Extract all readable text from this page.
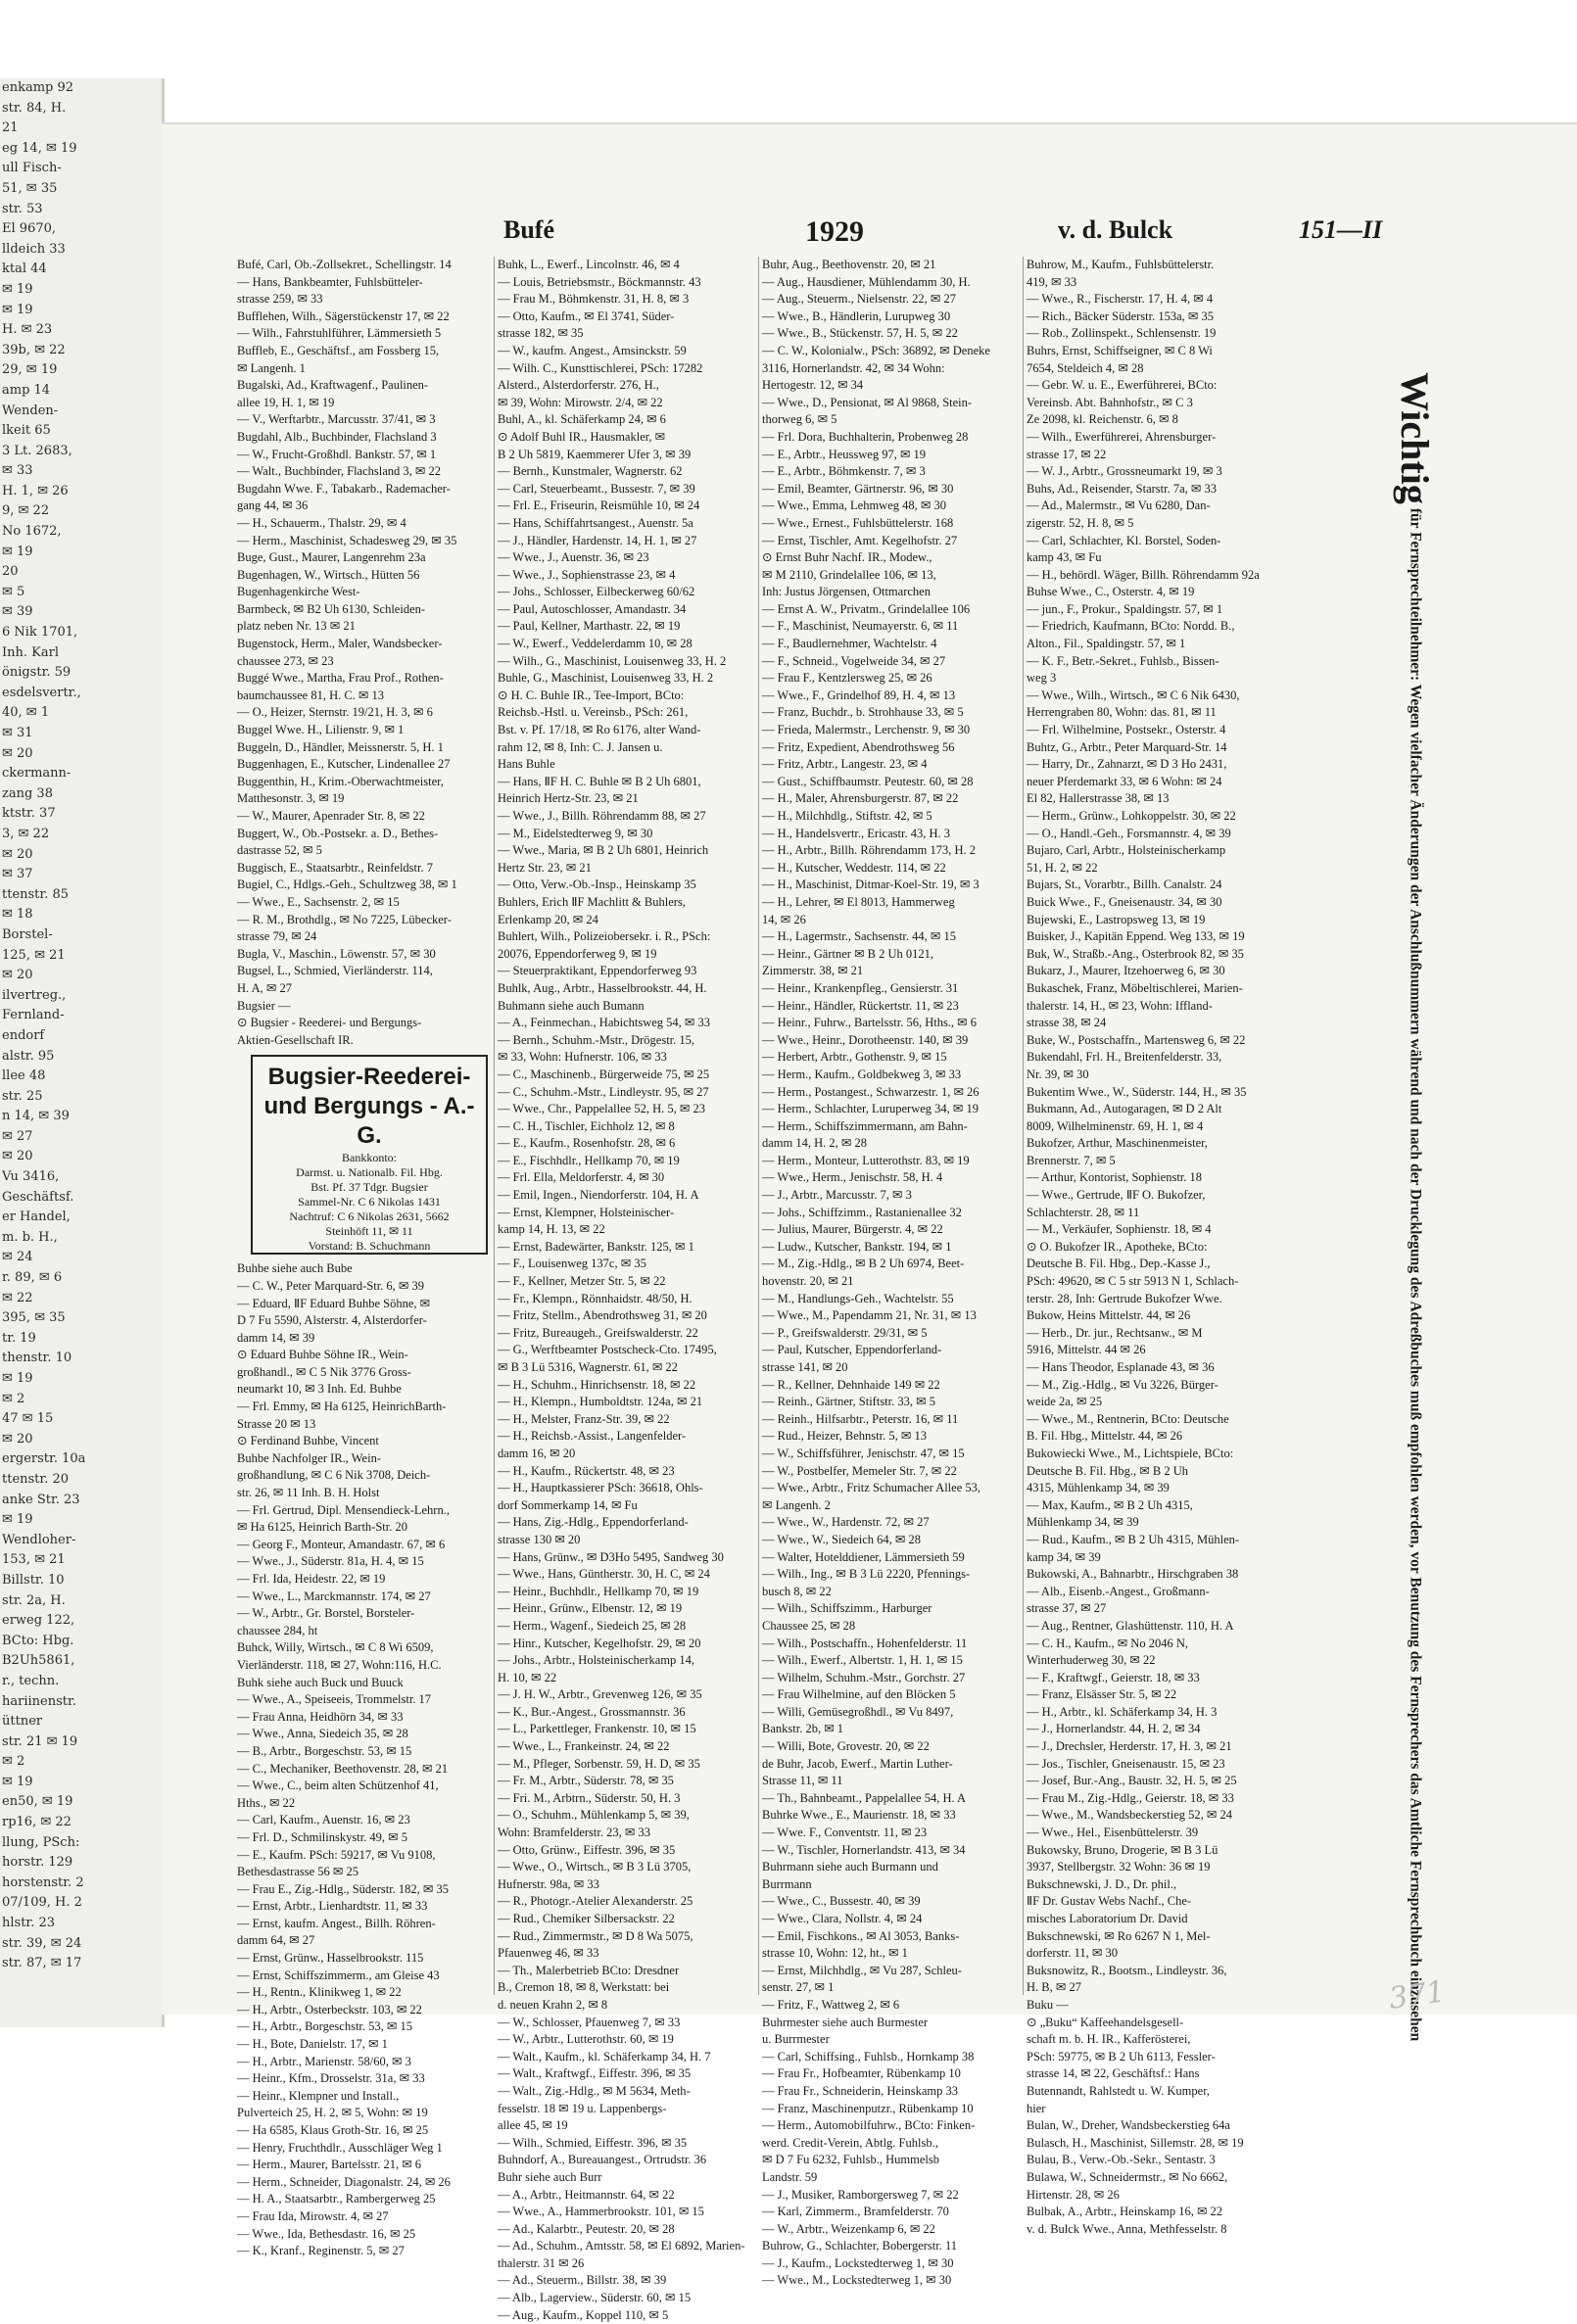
enkamp 92
str. 84, H.
21
eg 14, ✉ 19
ull Fisch-
51, ✉ 35
str. 53
El 9670,
lldeich 33
ktal 44
✉ 19
✉ 19
H. ✉ 23
39b, ✉ 22
29, ✉ 19
amp 14
Wenden-
lkeit 65
3 Lt. 2683,
✉ 33
H. 1, ✉ 26
9, ✉ 22
No 1672,
✉ 19
20
✉ 5
✉ 39
6 Nik 1701,
Inh. Karl
önigstr. 59
esdelsvertr.,
40, ✉ 1
✉ 31
✉ 20
ckermann-
zang 38
ktstr. 37
3, ✉ 22
✉ 20
✉ 37
ttenstr. 85
✉ 18
Borstel-
125, ✉ 21
✉ 20
ilvertreg.,
Fernland-
endorf
alstr. 95
llee 48
str. 25
n 14, ✉ 39
✉ 27
✉ 20
Vu 3416,
Geschäftsf.
er Handel,
m. b. H.,
✉ 24
r. 89, ✉ 6
✉ 22
395, ✉ 35
tr. 19
thenstr. 10
✉ 19
✉ 2
47 ✉ 15
✉ 20
ergerstr. 10a
ttenstr. 20
anke Str. 23
✉ 19
Wendloher-
153, ✉ 21
Billstr. 10
str. 2a, H.
erweg 122,
BCto: Hbg.
B2Uh5861,
r., techn.
hariinenstr.
üttner
str. 21 ✉ 19
✉ 2
✉ 19
en50, ✉ 19
rp16, ✉ 22
llung, PSch:
horstr. 129
horstenstr. 2
07/109, H. 2
hlstr. 23
str. 39, ✉ 24
str. 87, ✉ 17
Bufé	1929	v. d. Bulck	151—II
Bufé, Carl, Ob.-Zollsekret., Schellingstr. 14
— Hans, Bankbeamter, Fuhlsbütteler-
strasse 259, ✉ 33
Bufflehen, Wilh., Sägerstückenstr 17, ✉ 22
— Wilh., Fahrstuhlführer, Lämmersieth 5
Buffleb, E., Geschäftsf., am Fossberg 15,
✉ Langenh. 1
Bugalski, Ad., Kraftwagenf., Paulinen-
allee 19, H. 1, ✉ 19
— V., Werftarbtr., Marcusstr. 37/41, ✉ 3
Bugdahl, Alb., Buchbinder, Flachsland 3
— W., Frucht-Großhdl. Bankstr. 57, ✉ 1
— Walt., Buchbinder, Flachsland 3, ✉ 22
Bugdahn Wwe. F., Tabakarb., Rademacher-
gang 44, ✉ 36
— H., Schauerm., Thalstr. 29, ✉ 4
— Herm., Maschinist, Schadesweg 29, ✉ 35
Buge, Gust., Maurer, Langenrehm 23a
Bugenhagen, W., Wirtsch., Hütten 56
Bugenhagenkirche West-
Barmbeck, ✉ B2 Uh 6130, Schleiden-
platz neben Nr. 13 ✉ 21
Bugenstock, Herm., Maler, Wandsbecker-
chaussee 273, ✉ 23
Buggé Wwe., Martha, Frau Prof., Rothen-
baumchaussee 81, H. C. ✉ 13
— O., Heizer, Sternstr. 19/21, H. 3, ✉ 6
Buggel Wwe. H., Lilienstr. 9, ✉ 1
Buggeln, D., Händler, Meissnerstr. 5, H. 1
Buggenhagen, E., Kutscher, Lindenallee 27
Buggenthin, H., Krim.-Oberwachtmeister,
Matthesonstr. 3, ✉ 19
— W., Maurer, Apenrader Str. 8, ✉ 22
Buggert, W., Ob.-Postsekr. a. D., Bethes-
dastrasse 52, ✉ 5
Buggisch, E., Staatsarbtr., Reinfeldstr. 7
Bugiel, C., Hdlgs.-Geh., Schultzweg 38, ✉ 1
— Wwe., E., Sachsenstr. 2, ✉ 15
— R. M., Brothdlg., ✉ No 7225, Lübecker-
strasse 79, ✉ 24
Bugla, V., Maschin., Löwenstr. 57, ✉ 30
Bugsel, L., Schmied, Vierländerstr. 114,
H. A, ✉ 27
Bugsier —
⊙ Bugsier - Reederei- und Bergungs-
Aktien-Gesellschaft IR.
Bugsier-Reederei-
und Bergungs - A.-G.
Bankkonto:
Darmst. u. Nationalb. Fil. Hbg.
Bst. Pf. 37 Tdgr. Bugsier
Sammel-Nr. C 6 Nikolas 1431
Nachtruf: C 6 Nikolas 2631, 5662
Steinhöft 11, ✉ 11
Vorstand: B. Schuchmann
Buhbe siehe auch Bube
— C. W., Peter Marquard-Str. 6, ✉ 39
— Eduard, ⅡF Eduard Buhbe Söhne, ✉
D 7 Fu 5590, Alsterstr. 4, Alsterdorfer-
damm 14, ✉ 39
⊙ Eduard Buhbe Söhne IR., Wein-
großhandl., ✉ C 5 Nik 3776 Gross-
neumarkt 10, ✉ 3 Inh. Ed. Buhbe
— Frl. Emmy, ✉ Ha 6125, HeinrichBarth-
Strasse 20 ✉ 13
⊙ Ferdinand Buhbe, Vincent
Buhbe Nachfolger IR., Wein-
großhandlung, ✉ C 6 Nik 3708, Deich-
str. 26, ✉ 11 Inh. B. H. Holst
— Frl. Gertrud, Dipl. Mensendieck-Lehrn.,
✉ Ha 6125, Heinrich Barth-Str. 20
— Georg F., Monteur, Amandastr. 67, ✉ 6
— Wwe., J., Süderstr. 81a, H. 4, ✉ 15
— Frl. Ida, Heidestr. 22, ✉ 19
— Wwe., L., Marckmannstr. 174, ✉ 27
— W., Arbtr., Gr. Borstel, Borsteler-
chaussee 284, ht
Buhck, Willy, Wirtsch., ✉ C 8 Wi 6509,
Vierländerstr. 118, ✉ 27, Wohn:116, H.C.
Buhk siehe auch Buck und Buuck
— Wwe., A., Speiseeis, Trommelstr. 17
— Frau Anna, Heidhörn 34, ✉ 33
— Wwe., Anna, Siedeich 35, ✉ 28
— B., Arbtr., Borgeschstr. 53, ✉ 15
— C., Mechaniker, Beethovenstr. 28, ✉ 21
— Wwe., C., beim alten Schützenhof 41,
Hths., ✉ 22
— Carl, Kaufm., Auenstr. 16, ✉ 23
— Frl. D., Schmilinskystr. 49, ✉ 5
— E., Kaufm. PSch: 59217, ✉ Vu 9108,
Bethesdastrasse 56 ✉ 25
— Frau E., Zig.-Hdlg., Süderstr. 182, ✉ 35
— Ernst, Arbtr., Lienhardtstr. 11, ✉ 33
— Ernst, kaufm. Angest., Billh. Röhren-
damm 64, ✉ 27
— Ernst, Grünw., Hasselbrookstr. 115
— Ernst, Schiffszimmerm., am Gleise 43
— H., Rentn., Klinikweg 1, ✉ 22
— H., Arbtr., Osterbeckstr. 103, ✉ 22
— H., Arbtr., Borgeschstr. 53, ✉ 15
— H., Bote, Danielstr. 17, ✉ 1
— H., Arbtr., Marienstr. 58/60, ✉ 3
— Heinr., Kfm., Drosselstr. 31a, ✉ 33
— Heinr., Klempner und Install.,
Pulverteich 25, H. 2, ✉ 5, Wohn: ✉ 19
— Ha 6585, Klaus Groth-Str. 16, ✉ 25
— Henry, Fruchthdlr., Ausschläger Weg 1
— Herm., Maurer, Bartelsstr. 21, ✉ 6
— Herm., Schneider, Diagonalstr. 24, ✉ 26
— H. A., Staatsarbtr., Rambergerweg 25
— Frau Ida, Mirowstr. 4, ✉ 27
— Wwe., Ida, Bethesdastr. 16, ✉ 25
— K., Kranf., Reginenstr. 5, ✉ 27
Buhk, L., Ewerf., Lincolnstr. 46, ✉ 4
— Louis, Betriebsmstr., Böckmannstr. 43
— Frau M., Böhmkenstr. 31, H. 8, ✉ 3
— Otto, Kaufm., ✉ El 3741, Süder-
strasse 182, ✉ 35
— W., kaufm. Angest., Amsinckstr. 59
— Wilh. C., Kunsttischlerei, PSch: 17282
Alsterd., Alsterdorferstr. 276, H.,
✉ 39, Wohn: Mirowstr. 2/4, ✉ 22
Buhl, A., kl. Schäferkamp 24, ✉ 6
⊙ Adolf Buhl IR., Hausmakler, ✉
B 2 Uh 5819, Kaemmerer Ufer 3, ✉ 39
— Bernh., Kunstmaler, Wagnerstr. 62
— Carl, Steuerbeamt., Bussestr. 7, ✉ 39
— Frl. E., Friseurin, Reismühle 10, ✉ 24
— Hans, Schiffahrtsangest., Auenstr. 5a
— J., Händler, Hardenstr. 14, H. 1, ✉ 27
— Wwe., J., Auenstr. 36, ✉ 23
— Wwe., J., Sophienstrasse 23, ✉ 4
— Johs., Schlosser, Eilbeckerweg 60/62
— Paul, Autoschlosser, Amandastr. 34
— Paul, Kellner, Marthastr. 22, ✉ 19
— W., Ewerf., Veddelerdamm 10, ✉ 28
— Wilh., G., Maschinist, Louisenweg 33, H. 2
Buhle, G., Maschinist, Louisenweg 33, H. 2
⊙ H. C. Buhle IR., Tee-Import, BCto:
Reichsb.-Hstl. u. Vereinsb., PSch: 261,
Bst. v. Pf. 17/18, ✉ Ro 6176, alter Wand-
rahm 12, ✉ 8, Inh: C. J. Jansen u.
Hans Buhle
— Hans, ⅡF H. C. Buhle ✉ B 2 Uh 6801,
Heinrich Hertz-Str. 23, ✉ 21
— Wwe., J., Billh. Röhrendamm 88, ✉ 27
— M., Eidelstedterweg 9, ✉ 30
— Wwe., Maria, ✉ B 2 Uh 6801, Heinrich
Hertz Str. 23, ✉ 21
— Otto, Verw.-Ob.-Insp., Heinskamp 35
Buhlers, Erich ⅡF Machlitt & Buhlers,
Erlenkamp 20, ✉ 24
Buhlert, Wilh., Polizeiobersekr. i. R., PSch:
20076, Eppendorferweg 9, ✉ 19
— Steuerpraktikant, Eppendorferweg 93
Buhlk, Aug., Arbtr., Hasselbrookstr. 44, H.
Buhmann siehe auch Bumann
— A., Feinmechan., Habichtsweg 54, ✉ 33
— Bernh., Schuhm.-Mstr., Drögestr. 15,
✉ 33, Wohn: Hufnerstr. 106, ✉ 33
— C., Maschinenb., Bürgerweide 75, ✉ 25
— C., Schuhm.-Mstr., Lindleystr. 95, ✉ 27
— Wwe., Chr., Pappelallee 52, H. 5, ✉ 23
— C. H., Tischler, Eichholz 12, ✉ 8
— E., Kaufm., Rosenhofstr. 28, ✉ 6
— E., Fischhdlr., Hellkamp 70, ✉ 19
— Frl. Ella, Meldorferstr. 4, ✉ 30
— Emil, Ingen., Niendorferstr. 104, H. A
— Ernst, Klempner, Holsteinischer-
kamp 14, H. 13, ✉ 22
— Ernst, Badewärter, Bankstr. 125, ✉ 1
— F., Louisenweg 137c, ✉ 35
— F., Kellner, Metzer Str. 5, ✉ 22
— Fr., Klempn., Rönnhaidstr. 48/50, H.
— Fritz, Stellm., Abendrothsweg 31, ✉ 20
— Fritz, Bureaugeh., Greifswalderstr. 22
— G., Werftbeamter Postscheck-Cto. 17495,
✉ B 3 Lü 5316, Wagnerstr. 61, ✉ 22
— H., Schuhm., Hinrichsenstr. 18, ✉ 22
— H., Klempn., Humboldtstr. 124a, ✉ 21
— H., Melster, Franz-Str. 39, ✉ 22
— H., Reichsb.-Assist., Langenfelder-
damm 16, ✉ 20
— H., Kaufm., Rückertstr. 48, ✉ 23
— H., Hauptkassierer PSch: 36618, Ohls-
dorf Sommerkamp 14, ✉ Fu
— Hans, Zig.-Hdlg., Eppendorferland-
strasse 130 ✉ 20
— Hans, Grünw., ✉ D3Ho 5495, Sandweg 30
— Wwe., Hans, Güntherstr. 30, H. C, ✉ 24
— Heinr., Buchhdlr., Hellkamp 70, ✉ 19
— Heinr., Grünw., Elbenstr. 12, ✉ 19
— Herm., Wagenf., Siedeich 25, ✉ 28
— Hinr., Kutscher, Kegelhofstr. 29, ✉ 20
— Johs., Arbtr., Holsteinischerkamp 14,
H. 10, ✉ 22
— J. H. W., Arbtr., Grevenweg 126, ✉ 35
— K., Bur.-Angest., Grossmannstr. 36
— L., Parkettleger, Frankenstr. 10, ✉ 15
— Wwe., L., Frankeinstr. 24, ✉ 22
— M., Pfleger, Sorbenstr. 59, H. D, ✉ 35
— Fr. M., Arbtr., Süderstr. 78, ✉ 35
— Fri. M., Arbtrn., Süderstr. 50, H. 3
— O., Schuhm., Mühlenkamp 5, ✉ 39,
Wohn: Bramfelderstr. 23, ✉ 33
— Otto, Grünw., Eiffestr. 396, ✉ 35
— Wwe., O., Wirtsch., ✉ B 3 Lü 3705,
Hufnerstr. 98a, ✉ 33
— R., Photogr.-Atelier Alexanderstr. 25
— Rud., Chemiker Silbersackstr. 22
— Rud., Zimmermstr., ✉ D 8 Wa 5075,
Pfauenweg 46, ✉ 33
— Th., Malerbetrieb BCto: Dresdner
B., Cremon 18, ✉ 8, Werkstatt: bei
d. neuen Krahn 2, ✉ 8
— W., Schlosser, Pfauenweg 7, ✉ 33
— W., Arbtr., Lutterothstr. 60, ✉ 19
— Walt., Kaufm., kl. Schäferkamp 34, H. 7
— Walt., Kraftwgf., Eiffestr. 396, ✉ 35
— Walt., Zig.-Hdlg., ✉ M 5634, Meth-
fesselstr. 18 ✉ 19 u. Lappenbergs-
allee 45, ✉ 19
— Wilh., Schmied, Eiffestr. 396, ✉ 35
Buhndorf, A., Bureauangest., Ortrudstr. 36
Buhr siehe auch Burr
— A., Arbtr., Heitmannstr. 64, ✉ 22
— Wwe., A., Hammerbrookstr. 101, ✉ 15
— Ad., Kalarbtr., Peutestr. 20, ✉ 28
— Ad., Schuhm., Amtsstr. 58, ✉ El 6892, Marien-
thalerstr. 31 ✉ 26
— Ad., Steuerm., Billstr. 38, ✉ 39
— Alb., Lagerview., Süderstr. 60, ✉ 15
— Aug., Kaufm., Koppel 110, ✉ 5
Buhr, Aug., Beethovenstr. 20, ✉ 21
— Aug., Hausdiener, Mühlendamm 30, H.
— Aug., Steuerm., Nielsenstr. 22, ✉ 27
— Wwe., B., Händlerin, Lurupweg 30
— Wwe., B., Stückenstr. 57, H. 5, ✉ 22
— C. W., Kolonialw., PSch: 36892, ✉ Deneke
3116, Hornerlandstr. 42, ✉ 34 Wohn:
Hertogestr. 12, ✉ 34
— Wwe., D., Pensionat, ✉ Al 9868, Stein-
thorweg 6, ✉ 5
— Frl. Dora, Buchhalterin, Probenweg 28
— E., Arbtr., Heussweg 97, ✉ 19
— E., Arbtr., Böhmkenstr. 7, ✉ 3
— Emil, Beamter, Gärtnerstr. 96, ✉ 30
— Wwe., Emma, Lehmweg 48, ✉ 30
— Wwe., Ernest., Fuhlsbüttelerstr. 168
— Ernst, Tischler, Amt. Kegelhofstr. 27
⊙ Ernst Buhr Nachf. IR., Modew.,
✉ M 2110, Grindelallee 106, ✉ 13,
Inh: Justus Jörgensen, Ottmarchen
— Ernst A. W., Privatm., Grindelallee 106
— F., Maschinist, Neumayerstr. 6, ✉ 11
— F., Baudlernehmer, Wachtelstr. 4
— F., Schneid., Vogelweide 34, ✉ 27
— Frau F., Kentzlersweg 25, ✉ 26
— Wwe., F., Grindelhof 89, H. 4, ✉ 13
— Franz, Buchdr., b. Strohhause 33, ✉ 5
— Frieda, Malermstr., Lerchenstr. 9, ✉ 30
— Fritz, Expedient, Abendrothsweg 56
— Fritz, Arbtr., Langestr. 23, ✉ 4
— Gust., Schiffbaumstr. Peutestr. 60, ✉ 28
— H., Maler, Ahrensburgerstr. 87, ✉ 22
— H., Milchhdlg., Stiftstr. 42, ✉ 5
— H., Handelsvertr., Ericastr. 43, H. 3
— H., Arbtr., Billh. Röhrendamm 173, H. 2
— H., Kutscher, Weddestr. 114, ✉ 22
— H., Maschinist, Ditmar-Koel-Str. 19, ✉ 3
— H., Lehrer, ✉ El 8013, Hammerweg
14, ✉ 26
— H., Lagermstr., Sachsenstr. 44, ✉ 15
— Heinr., Gärtner ✉ B 2 Uh 0121,
Zimmerstr. 38, ✉ 21
— Heinr., Krankenpfleg., Gensierstr. 31
— Heinr., Händler, Rückertstr. 11, ✉ 23
— Heinr., Fuhrw., Bartelsstr. 56, Hths., ✉ 6
— Wwe., Heinr., Dorotheenstr. 140, ✉ 39
— Herbert, Arbtr., Gothenstr. 9, ✉ 15
— Herm., Kaufm., Goldbekweg 3, ✉ 33
— Herm., Postangest., Schwarzestr. 1, ✉ 26
— Herm., Schlachter, Luruperweg 34, ✉ 19
— Herm., Schiffszimmermann, am Bahn-
damm 14, H. 2, ✉ 28
— Herm., Monteur, Lutterothstr. 83, ✉ 19
— Wwe., Herm., Jenischstr. 58, H. 4
— J., Arbtr., Marcusstr. 7, ✉ 3
— Johs., Schiffzimm., Rastanienallee 32
— Julius, Maurer, Bürgerstr. 4, ✉ 22
— Ludw., Kutscher, Bankstr. 194, ✉ 1
— M., Zig.-Hdlg., ✉ B 2 Uh 6974, Beet-
hovenstr. 20, ✉ 21
— M., Handlungs-Geh., Wachtelstr. 55
— Wwe., M., Papendamm 21, Nr. 31, ✉ 13
— P., Greifswalderstr. 29/31, ✉ 5
— Paul, Kutscher, Eppendorferland-
strasse 141, ✉ 20
— R., Kellner, Dehnhaide 149 ✉ 22
— Reinh., Gärtner, Stiftstr. 33, ✉ 5
— Reinh., Hilfsarbtr., Peterstr. 16, ✉ 11
— Rud., Heizer, Behnstr. 5, ✉ 13
— W., Schiffsführer, Jenischstr. 47, ✉ 15
— W., Postbelfer, Memeler Str. 7, ✉ 22
— Wwe., Arbtr., Fritz Schumacher Allee 53,
✉ Langenh. 2
— Wwe., W., Hardenstr. 72, ✉ 27
— Wwe., W., Siedeich 64, ✉ 28
— Walter, Hotelddiener, Lämmersieth 59
— Wilh., Ing., ✉ B 3 Lü 2220, Pfennings-
busch 8, ✉ 22
— Wilh., Schiffszimm., Harburger
Chaussee 25, ✉ 28
— Wilh., Postschaffn., Hohenfelderstr. 11
— Wilh., Ewerf., Albertstr. 1, H. 1, ✉ 15
— Wilhelm, Schuhm.-Mstr., Gorchstr. 27
— Frau Wilhelmine, auf den Blöcken 5
— Willi, Gemüsegroßhdl., ✉ Vu 8497,
Bankstr. 2b, ✉ 1
— Willi, Bote, Grovestr. 20, ✉ 22
de Buhr, Jacob, Ewerf., Martin Luther-
Strasse 11, ✉ 11
— Th., Bahnbeamt., Pappelallee 54, H. A
Buhrke Wwe., E., Maurienstr. 18, ✉ 33
— Wwe. F., Conventstr. 11, ✉ 23
— W., Tischler, Hornerlandstr. 413, ✉ 34
Buhrmann siehe auch Burmann und
Burrmann
— Wwe., C., Bussestr. 40, ✉ 39
— Wwe., Clara, Nollstr. 4, ✉ 24
— Emil, Fischkons., ✉ Al 3053, Banks-
strasse 10, Wohn: 12, ht., ✉ 1
— Ernst, Milchhdlg., ✉ Vu 287, Schleu-
senstr. 27, ✉ 1
— Fritz, F., Wattweg 2, ✉ 6
Buhrmester siehe auch Burmester
u. Burrmester
— Carl, Schiffsing., Fuhlsb., Hornkamp 38
— Frau Fr., Hofbeamter, Rübenkamp 10
— Frau Fr., Schneiderin, Heinskamp 33
— Franz, Maschinenputzr., Rübenkamp 10
— Herm., Automobilfuhrw., BCto: Finken-
werd. Credit-Verein, Abtlg. Fuhlsb.,
✉ D 7 Fu 6232, Fuhlsb., Hummelsb
Landstr. 59
— J., Musiker, Ramborgersweg 7, ✉ 22
— Karl, Zimmerm., Bramfelderstr. 70
— W., Arbtr., Weizenkamp 6, ✉ 22
Buhrow, G., Schlachter, Bobergerstr. 11
— J., Kaufm., Lockstedterweg 1, ✉ 30
— Wwe., M., Lockstedterweg 1, ✉ 30
Buhrow, M., Kaufm., Fuhlsbüttelerstr.
419, ✉ 33
— Wwe., R., Fischerstr. 17, H. 4, ✉ 4
— Rich., Bäcker Süderstr. 153a, ✉ 35
— Rob., Zollinspekt., Schlensenstr. 19
Buhrs, Ernst, Schiffseigner, ✉ C 8 Wi
7654, Steldeich 4, ✉ 28
— Gebr. W. u. E., Ewerführerei, BCto:
Vereinsb. Abt. Bahnhofstr., ✉ C 3
Ze 2098, kl. Reichenstr. 6, ✉ 8
— Wilh., Ewerführerei, Ahrensburger-
strasse 17, ✉ 22
— W. J., Arbtr., Grossneumarkt 19, ✉ 3
Buhs, Ad., Reisender, Starstr. 7a, ✉ 33
— Ad., Malermstr., ✉ Vu 6280, Dan-
zigerstr. 52, H. 8, ✉ 5
— Carl, Schlachter, Kl. Borstel, Soden-
kamp 43, ✉ Fu
— H., behördl. Wäger, Billh. Röhrendamm 92a
Buhse Wwe., C., Osterstr. 4, ✉ 19
— jun., F., Prokur., Spaldingstr. 57, ✉ 1
— Friedrich, Kaufmann, BCto: Nordd. B.,
Alton., Fil., Spaldingstr. 57, ✉ 1
— K. F., Betr.-Sekret., Fuhlsb., Bissen-
weg 3
— Wwe., Wilh., Wirtsch., ✉ C 6 Nik 6430,
Herrengraben 80, Wohn: das. 81, ✉ 11
— Frl. Wilhelmine, Postsekr., Osterstr. 4
Buhtz, G., Arbtr., Peter Marquard-Str. 14
— Harry, Dr., Zahnarzt, ✉ D 3 Ho 2431,
neuer Pferdemarkt 33, ✉ 6 Wohn: ✉ 24
El 82, Hallerstrasse 38, ✉ 13
— Herm., Grünw., Lohkoppelstr. 30, ✉ 22
— O., Handl.-Geh., Forsmannstr. 4, ✉ 39
Bujaro, Carl, Arbtr., Holsteinischerkamp
51, H. 2, ✉ 22
Bujars, St., Vorarbtr., Billh. Canalstr. 24
Buick Wwe., F., Gneisenaustr. 34, ✉ 30
Bujewski, E., Lastropsweg 13, ✉ 19
Buisker, J., Kapitän Eppend. Weg 133, ✉ 19
Buk, W., Straßb.-Ang., Osterbrook 82, ✉ 35
Bukarz, J., Maurer, Itzehoerweg 6, ✉ 30
Bukaschek, Franz, Möbeltischlerei, Marien-
thalerstr. 14, H., ✉ 23, Wohn: Iffland-
strasse 38, ✉ 24
Buke, W., Postschaffn., Martensweg 6, ✉ 22
Bukendahl, Frl. H., Breitenfelderstr. 33,
Nr. 39, ✉ 30
Bukentim Wwe., W., Süderstr. 144, H., ✉ 35
Bukmann, Ad., Autogaragen, ✉ D 2 Alt
8009, Wilhelminenstr. 69, H. 1, ✉ 4
Bukofzer, Arthur, Maschinenmeister,
Brennerstr. 7, ✉ 5
— Arthur, Kontorist, Sophienstr. 18
— Wwe., Gertrude, ⅡF O. Bukofzer,
Schlachterstr. 28, ✉ 11
— M., Verkäufer, Sophienstr. 18, ✉ 4
⊙ O. Bukofzer IR., Apotheke, BCto:
Deutsche B. Fil. Hbg., Dep.-Kasse J.,
PSch: 49620, ✉ C 5 str 5913 N 1, Schlach-
terstr. 28, Inh: Gertrude Bukofzer Wwe.
Bukow, Heins Mittelstr. 44, ✉ 26
— Herb., Dr. jur., Rechtsanw., ✉ M
5916, Mittelstr. 44 ✉ 26
— Hans Theodor, Esplanade 43, ✉ 36
— M., Zig.-Hdlg., ✉ Vu 3226, Bürger-
weide 2a, ✉ 25
— Wwe., M., Rentnerin, BCto: Deutsche
B. Fil. Hbg., Mittelstr. 44, ✉ 26
Bukowiecki Wwe., M., Lichtspiele, BCto:
Deutsche B. Fil. Hbg., ✉ B 2 Uh
4315, Mühlenkamp 34, ✉ 39
— Max, Kaufm., ✉ B 2 Uh 4315,
Mühlenkamp 34, ✉ 39
— Rud., Kaufm., ✉ B 2 Uh 4315, Mühlen-
kamp 34, ✉ 39
Bukowski, A., Bahnarbtr., Hirschgraben 38
— Alb., Eisenb.-Angest., Großmann-
strasse 37, ✉ 27
— Aug., Rentner, Glashüttenstr. 110, H. A
— C. H., Kaufm., ✉ No 2046 N,
Winterhuderweg 30, ✉ 22
— F., Kraftwgf., Geierstr. 18, ✉ 33
— Franz, Elsässer Str. 5, ✉ 22
— H., Arbtr., kl. Schäferkamp 34, H. 3
— J., Hornerlandstr. 44, H. 2, ✉ 34
— J., Drechsler, Herderstr. 17, H. 3, ✉ 21
— Jos., Tischler, Gneisenaustr. 15, ✉ 23
— Josef, Bur.-Ang., Baustr. 32, H. 5, ✉ 25
— Frau M., Zig.-Hdlg., Geierstr. 18, ✉ 33
— Wwe., M., Wandsbeckerstieg 52, ✉ 24
— Wwe., Hel., Eisenbüttelerstr. 39
Bukowsky, Bruno, Drogerie, ✉ B 3 Lü
3937, Stellbergstr. 32 Wohn: 36 ✉ 19
Bukschnewski, J. D., Dr. phil.,
ⅡF Dr. Gustav Webs Nachf., Che-
misches Laboratorium Dr. David
Bukschnewski, ✉ Ro 6267 N 1, Mel-
dorferstr. 11, ✉ 30
Buksnowitz, R., Bootsm., Lindleystr. 36,
H. B, ✉ 27
Buku —
⊙ „Buku“ Kaffeehandelsgesell-
schaft m. b. H. IR., Kafferösterei,
PSch: 59775, ✉ B 2 Uh 6113, Fessler-
strasse 14, ✉ 22, Geschäftsf.: Hans
Butennandt, Rahlstedt u. W. Kumper,
hier
Bulan, W., Dreher, Wandsbeckerstieg 64a
Bulasch, H., Maschinist, Sillemstr. 28, ✉ 19
Bulau, B., Verw.-Ob.-Sekr., Sentastr. 3
Bulawa, W., Schneidermstr., ✉ No 6662,
Hirtenstr. 28, ✉ 26
Bulbak, A., Arbtr., Heinskamp 16, ✉ 22
v. d. Bulck Wwe., Anna, Methfesselstr. 8
Wichtig für Fernsprechteilnehmer: Wegen vielfacher Änderungen der Anschlußnummern während und nach der Drucklegung des Adreßbuches muß empfohlen werden, vor Benutzung des Fernsprechers das Amtliche Fernsprechbuch einzusehen
371
